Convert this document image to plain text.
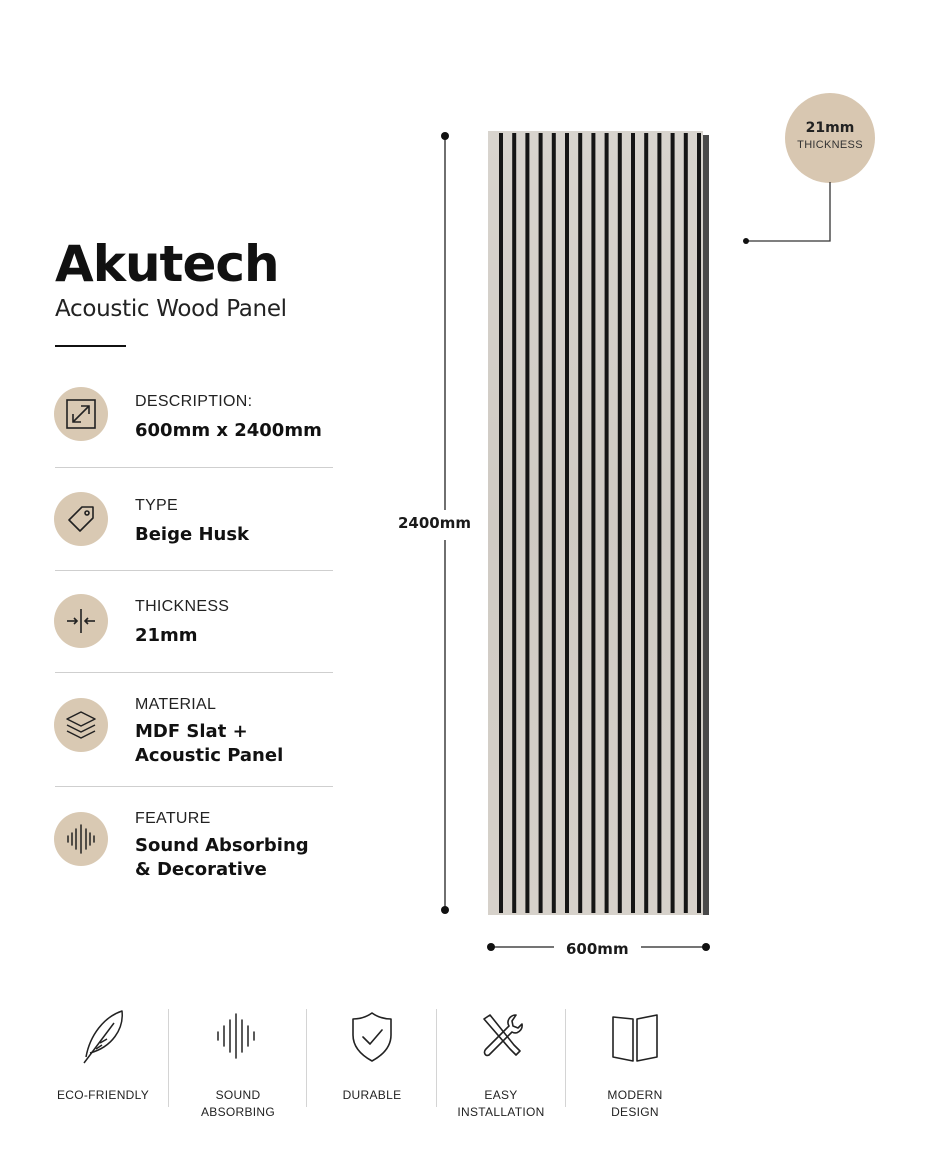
Akutech
Acoustic Wood Panel
DESCRIPTION:
600mm x 2400mm
TYPE
Beige Husk
THICKNESS
21mm
MATERIAL
MDF Slat +
Acoustic Panel
FEATURE
Sound Absorbing
& Decorative
2400mm
600mm
21mm
THICKNESS
ECO-FRIENDLY	SOUND
ABSORBING
DURABLE	EASY
INSTALLATION
MODERN
DESIGN
